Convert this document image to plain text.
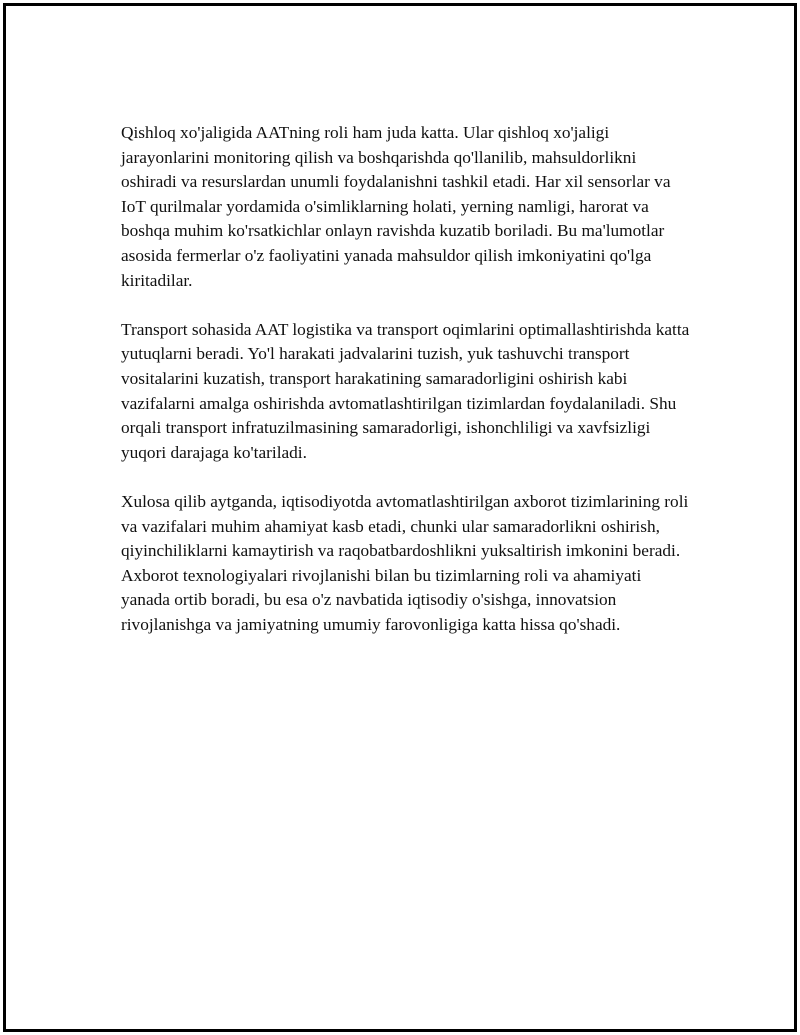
Qishloq xo'jaligida AATning roli ham juda katta. Ular qishloq xo'jaligi jarayonlarini monitoring qilish va boshqarishda qo'llanilib, mahsuldorlikni oshiradi va resurslardan unumli foydalanishni tashkil etadi. Har xil sensorlar va IoT qurilmalar yordamida o'simliklarning holati, yerning namligi, harorat va boshqa muhim ko'rsatkichlar onlayn ravishda kuzatib boriladi. Bu ma'lumotlar asosida fermerlar o'z faoliyatini yanada mahsuldor qilish imkoniyatini qo'lga kiritadilar.

Transport sohasida AAT logistika va transport oqimlarini optimallashtirishda katta yutuqlarni beradi. Yo'l harakati jadvalarini tuzish, yuk tashuvchi transport vositalarini kuzatish, transport harakatining samaradorligini oshirish kabi vazifalarni amalga oshirishda avtomatlashtirilgan tizimlardan foydalaniladi. Shu orqali transport infratuzilmasining samaradorligi, ishonchliligi va xavfsizligi yuqori darajaga ko'tariladi.

Xulosa qilib aytganda, iqtisodiyotda avtomatlashtirilgan axborot tizimlarining roli va vazifalari muhim ahamiyat kasb etadi, chunki ular samaradorlikni oshirish, qiyinchiliklarni kamaytirish va raqobatbardoshlikni yuksaltirish imkonini beradi. Axborot texnologiyalari rivojlanishi bilan bu tizimlarning roli va ahamiyati yanada ortib boradi, bu esa o'z navbatida iqtisodiy o'sishga, innovatsion rivojlanishga va jamiyatning umumiy farovonligiga katta hissa qo'shadi.
